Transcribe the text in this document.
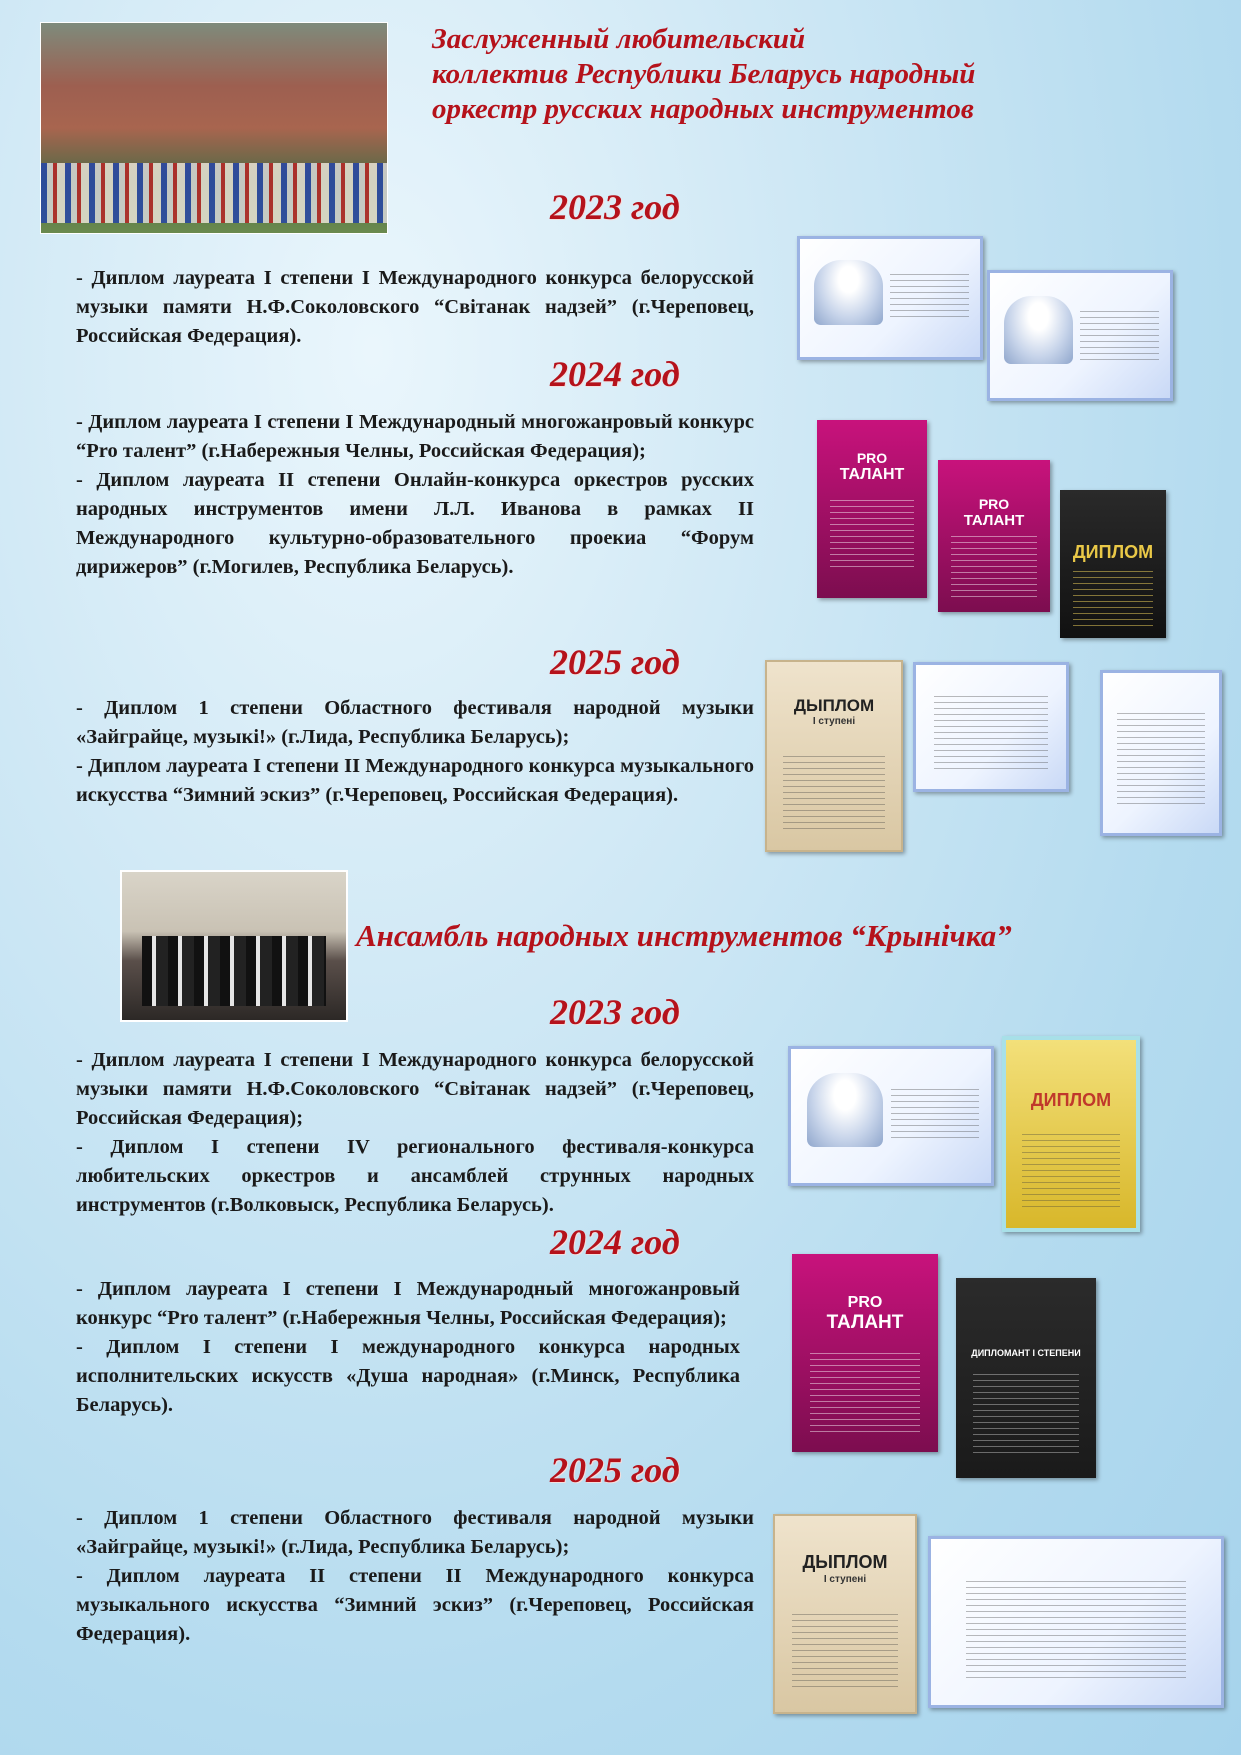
Заслуженный любительский
коллектив Республики Беларусь народный
оркестр русских народных инструментов
2023 год

- Диплом лауреата I степени I Международного конкурса белорусской музыки памяти Н.Ф.Соколовского “Світанак надзей” (г.Череповец, Российская Федерация).

2024 год

- Диплом лауреата I степени I Международный многожанровый конкурс “Pro талент” (г.Набережныя Челны, Российская Федерация);

- Диплом лауреата II степени Онлайн-конкурса оркестров русских народных инструментов имени Л.Л. Иванова в рамках II Международного культурно-образовательного проекиа “Форум дирижеров” (г.Могилев, Республика Беларусь).

2025 год

- Диплом 1 степени Областного фестиваля народной музыки «Зайграйце, музыкi!» (г.Лида, Республика Беларусь);

- Диплом лауреата I степени II Международного конкурса музыкального искусства “Зимний эскиз” (г.Череповец, Российская Федерация).

PRO
ТАЛАНТ
PRO
ТАЛАНТ
ДИПЛОМ
ДЫПЛОМ
I ступені
Ансамбль народных инструментов “Крынічка”
2023 год

- Диплом лауреата I степени I Международного конкурса белорусской музыки памяти Н.Ф.Соколовского “Світанак надзей” (г.Череповец, Российская Федерация);

- Диплом I степени IV регионального фестиваля-конкурса любительских оркестров и ансамблей струнных народных инструментов (г.Волковыск, Республика Беларусь).

2024 год

- Диплом лауреата I степени I Международный многожанровый конкурс “Pro талент” (г.Набережныя Челны, Российская Федерация);

- Диплом I степени I международного конкурса народных исполнительских искусств «Душа народная» (г.Минск, Республика Беларусь).

2025 год

- Диплом 1 степени Областного фестиваля народной музыки «Зайграйце, музыкi!» (г.Лида, Республика Беларусь);

- Диплом лауреата II степени II Международного конкурса музыкального искусства “Зимний эскиз” (г.Череповец, Российская Федерация).

ДИПЛОМ
PRO
ТАЛАНТ
ДИПЛОМАНТ I СТЕПЕНИ
ДЫПЛОМ
I ступені
